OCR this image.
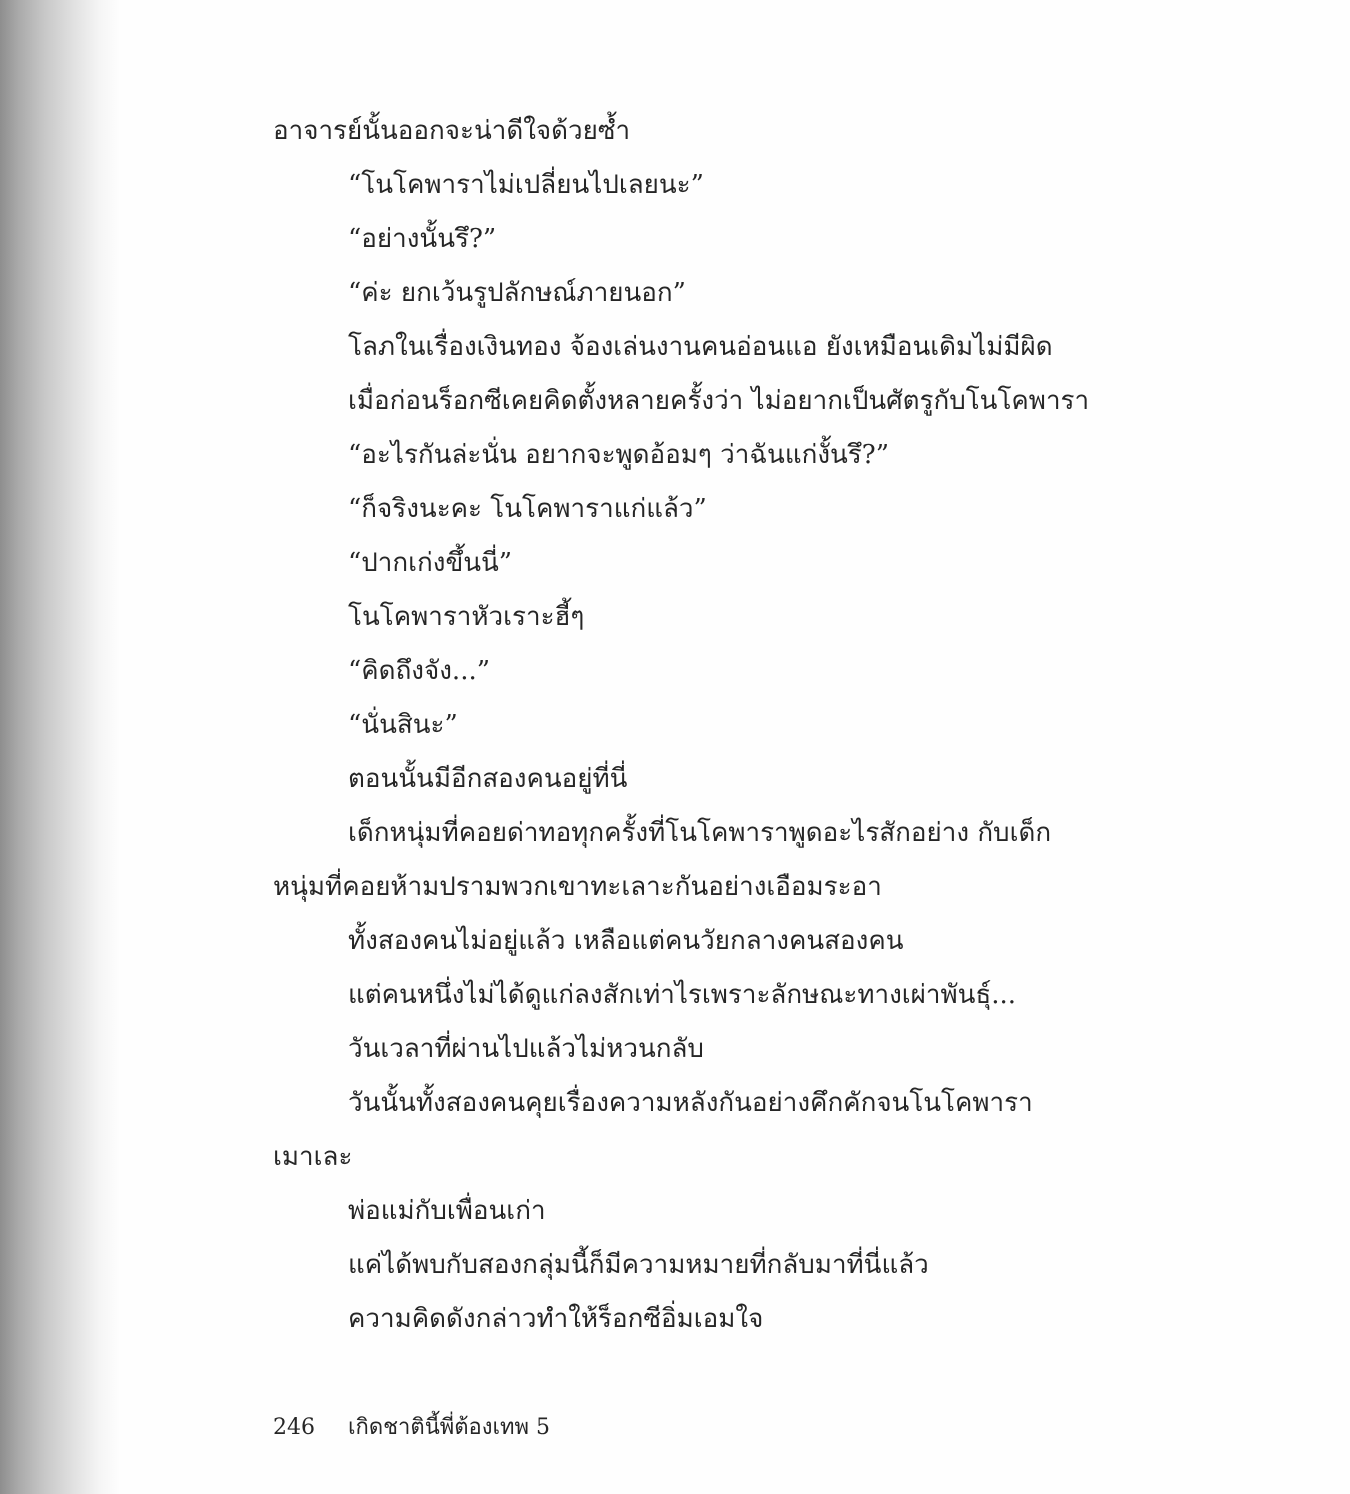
อาจารย์นั้นออกจะน่าดีใจด้วยซ้ำ
“โนโคพาราไม่เปลี่ยนไปเลยนะ”
“อย่างนั้นรึ?”
“ค่ะ ยกเว้นรูปลักษณ์ภายนอก”
โลภในเรื่องเงินทอง จ้องเล่นงานคนอ่อนแอ ยังเหมือนเดิมไม่มีผิด
เมื่อก่อนร็อกซีเคยคิดตั้งหลายครั้งว่า ไม่อยากเป็นศัตรูกับโนโคพารา
“อะไรกันล่ะนั่น อยากจะพูดอ้อมๆ ว่าฉันแก่งั้นรึ?”
“ก็จริงนะคะ โนโคพาราแก่แล้ว”
“ปากเก่งขึ้นนี่”
โนโคพาราหัวเราะฮี้ๆ
“คิดถึงจัง...”
“นั่นสินะ”
ตอนนั้นมีอีกสองคนอยู่ที่นี่
เด็กหนุ่มที่คอยด่าทอทุกครั้งที่โนโคพาราพูดอะไรสักอย่าง กับเด็ก
หนุ่มที่คอยห้ามปรามพวกเขาทะเลาะกันอย่างเอือมระอา
ทั้งสองคนไม่อยู่แล้ว เหลือแต่คนวัยกลางคนสองคน
แต่คนหนึ่งไม่ได้ดูแก่ลงสักเท่าไรเพราะลักษณะทางเผ่าพันธุ์...
วันเวลาที่ผ่านไปแล้วไม่หวนกลับ
วันนั้นทั้งสองคนคุยเรื่องความหลังกันอย่างคึกคักจนโนโคพารา
เมาเละ
พ่อแม่กับเพื่อนเก่า
แค่ได้พบกับสองกลุ่มนี้ก็มีความหมายที่กลับมาที่นี่แล้ว
ความคิดดังกล่าวทำให้ร็อกซีอิ่มเอมใจ
246 เกิดชาตินี้พี่ต้องเทพ 5
